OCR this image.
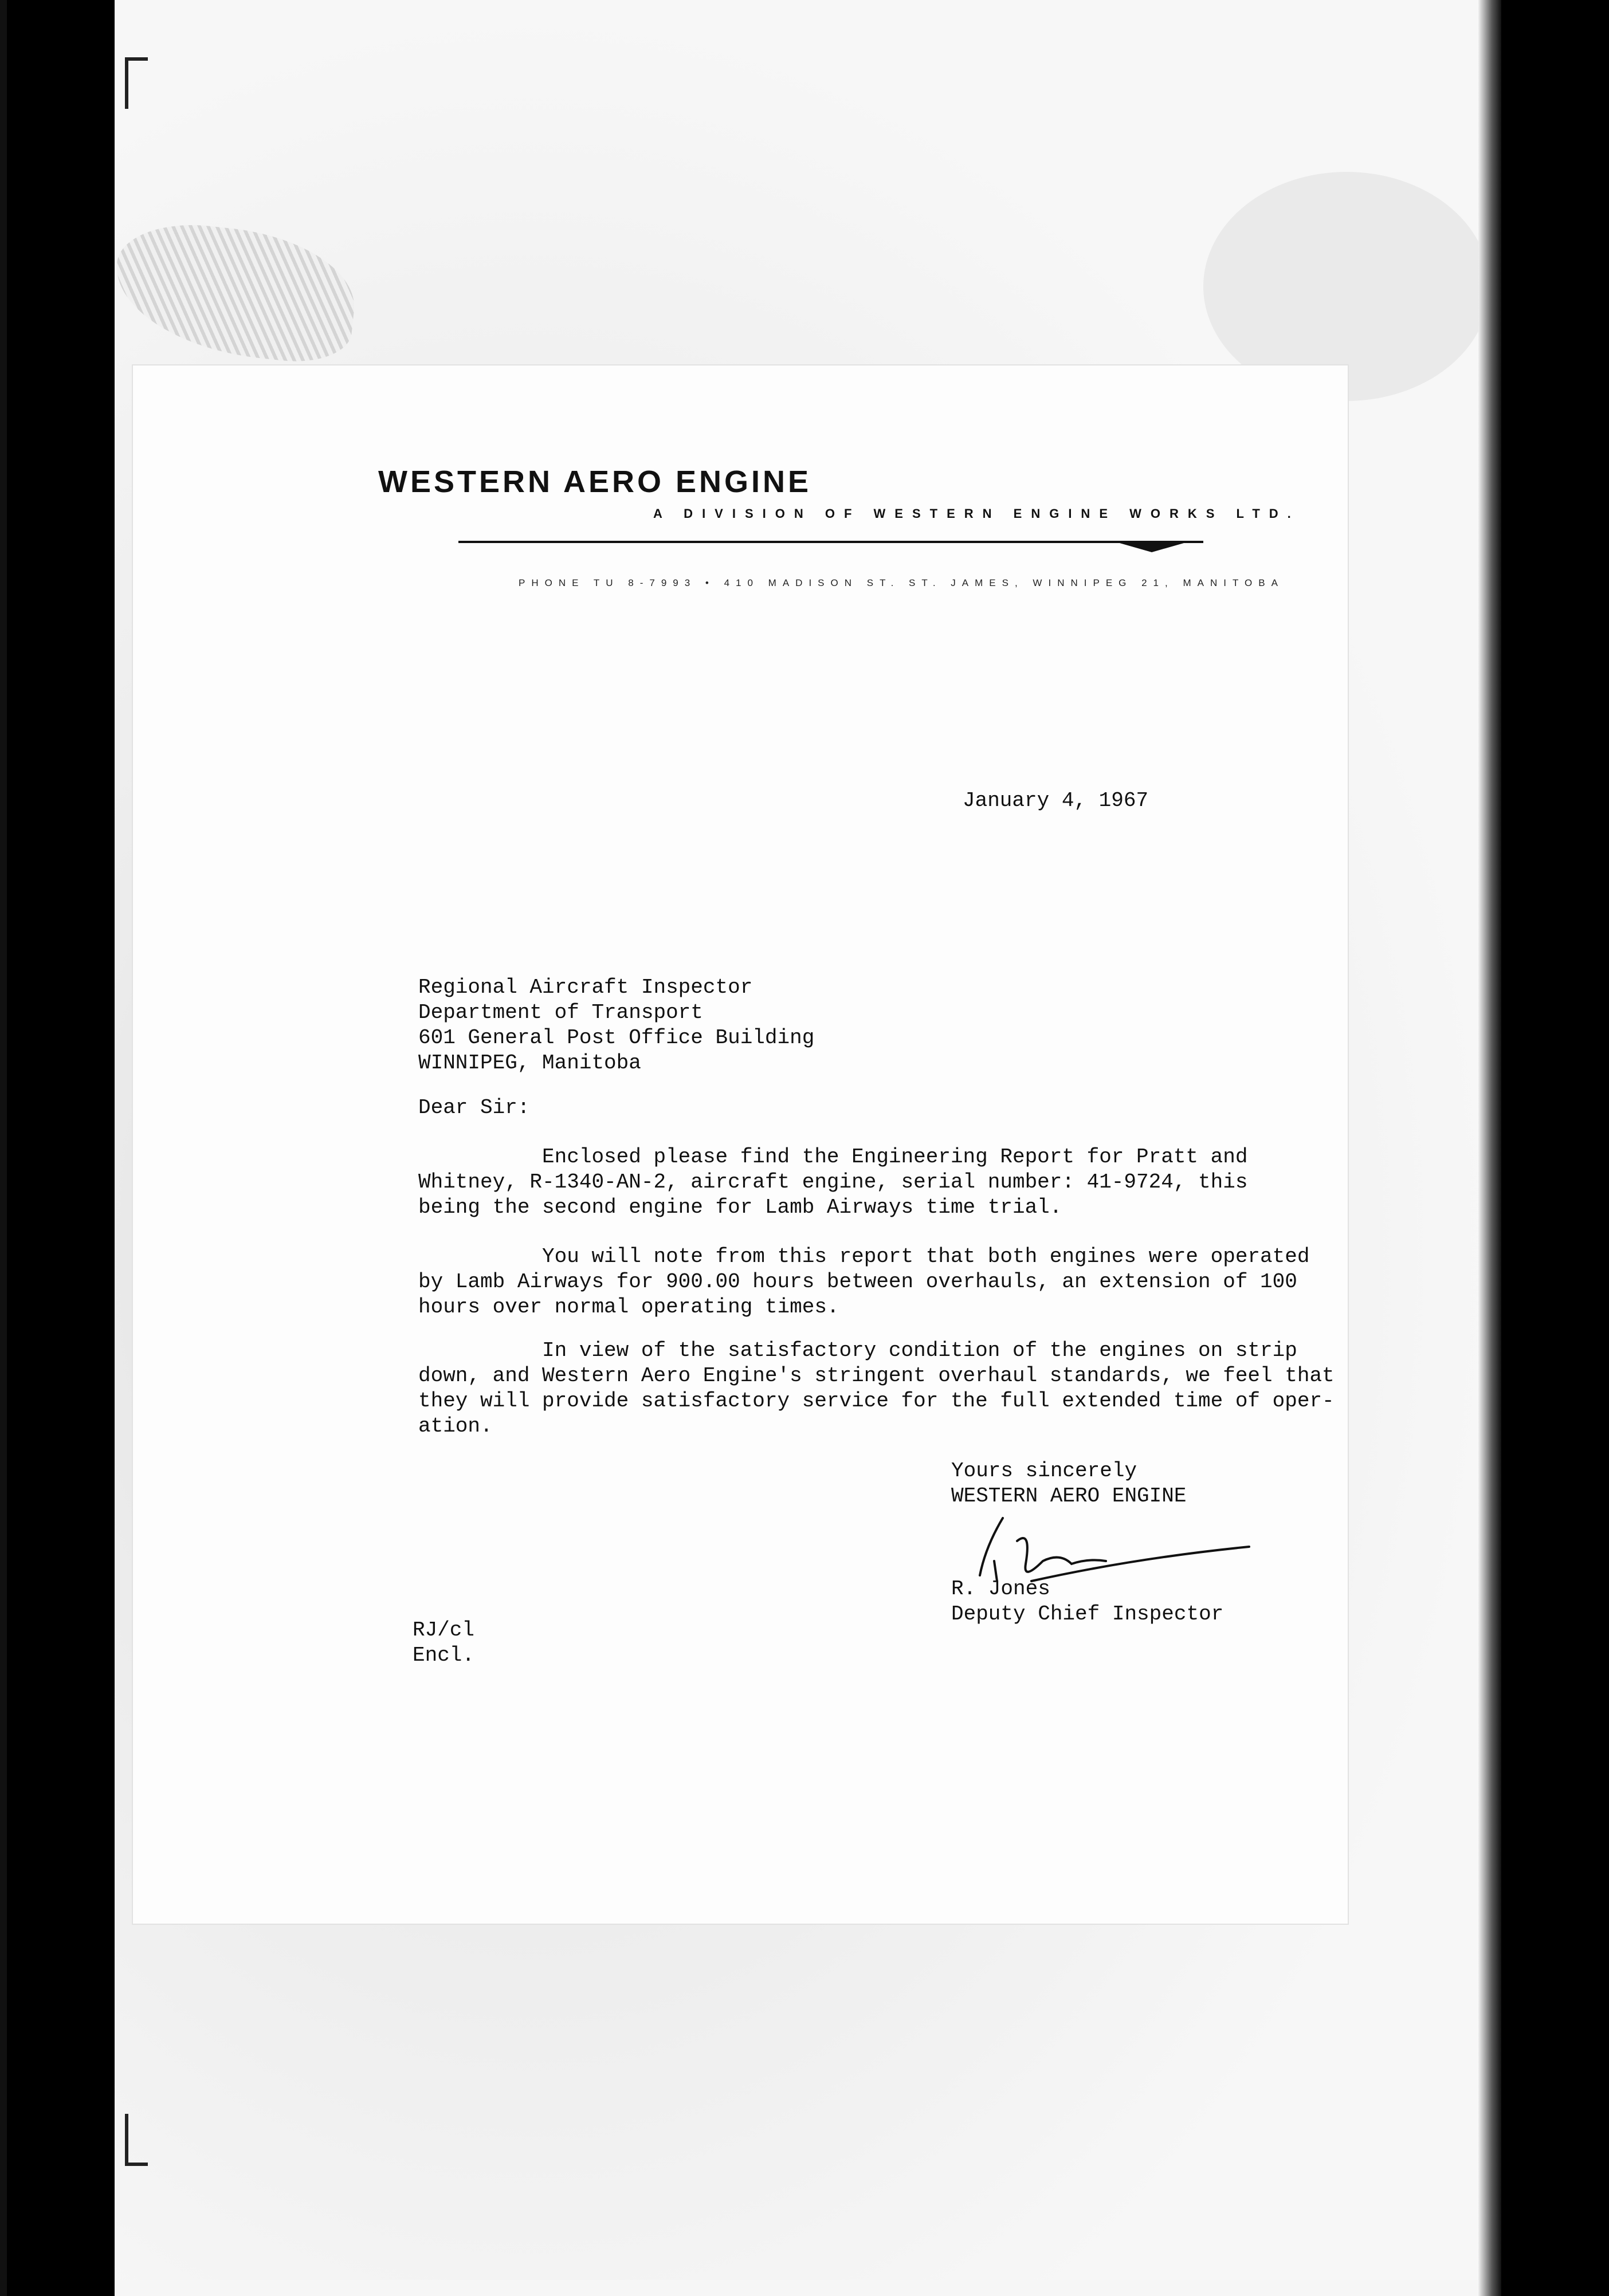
WESTERN AERO ENGINE
A DIVISION OF WESTERN ENGINE WORKS LTD.
PHONE TU 8-7993 • 410 MADISON ST. ST. JAMES, WINNIPEG 21, MANITOBA
January 4, 1967
Regional Aircraft Inspector
Department of Transport
601 General Post Office Building
WINNIPEG, Manitoba
Dear Sir:
Enclosed please find the Engineering Report for Pratt and
Whitney, R-1340-AN-2, aircraft engine, serial number: 41-9724, this
being the second engine for Lamb Airways time trial.
You will note from this report that both engines were operated
by Lamb Airways for 900.00 hours between overhauls, an extension of 100
hours over normal operating times.
In view of the satisfactory condition of the engines on strip
down, and Western Aero Engine's stringent overhaul standards, we feel that
they will provide satisfactory service for the full extended time of oper-
ation.
Yours sincerely
WESTERN AERO ENGINE
R. Jones
Deputy Chief Inspector
RJ/cl
Encl.
